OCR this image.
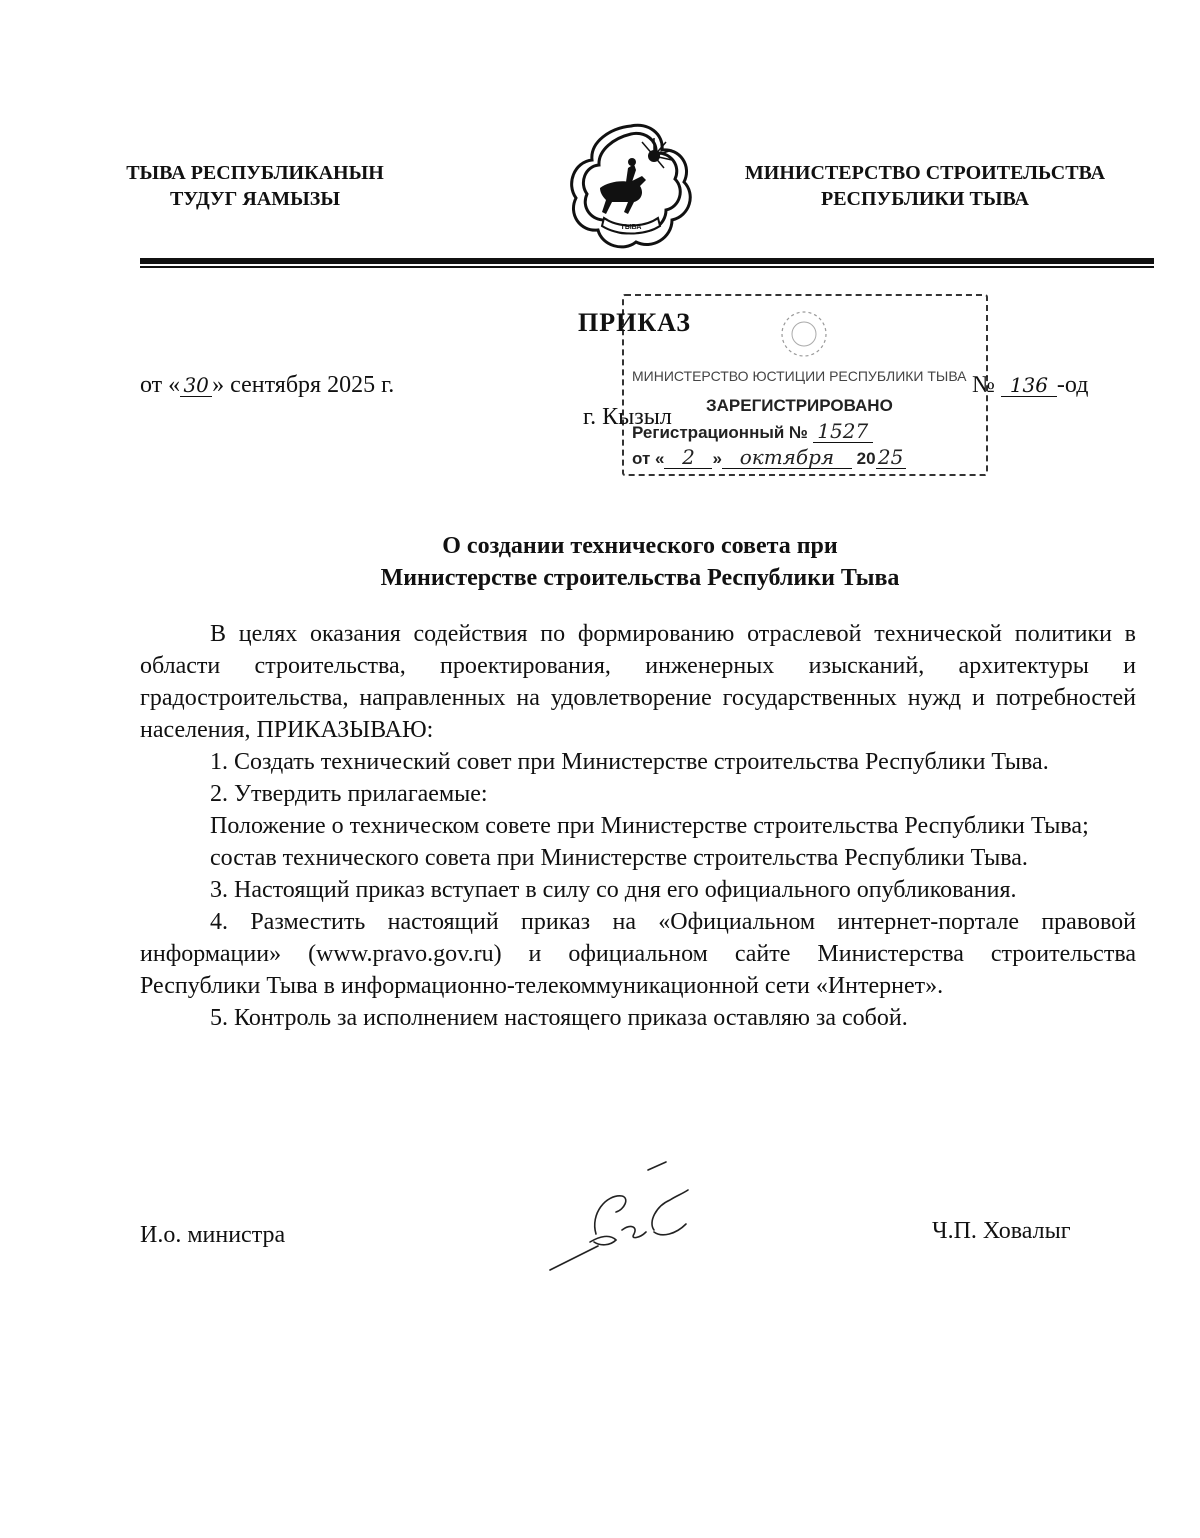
ТЫВА РЕСПУБЛИКАНЫН
ТУДУГ ЯАМЫЗЫ
ТЫВА
МИНИСТЕРСТВО СТРОИТЕЛЬСТВА
РЕСПУБЛИКИ ТЫВА
МИНИСТЕРСТВО ЮСТИЦИИ РЕСПУБЛИКИ ТЫВА
ЗАРЕГИСТРИРОВАНО
Регистрационный № 1527
от « 2 » октября 20 25
ПРИКАЗ
от « 30 » сентября 2025 г.	№ 136 -од
г. Кызыл
О создании технического совета при
Министерстве строительства Республики Тыва

В целях оказания содействия по формированию отраслевой технической политики в области строительства, проектирования, инженерных изысканий, архитектуры и градостроительства, направленных на удовлетворение государственных нужд и потребностей населения, ПРИКАЗЫВАЮ:

1. Создать технический совет при Министерстве строительства Республики Тыва.

2. Утвердить прилагаемые:

Положение о техническом совете при Министерстве строительства Республики Тыва;

состав технического совета при Министерстве строительства Республики Тыва.

3. Настоящий приказ вступает в силу со дня его официального опубликования.

4. Разместить настоящий приказ на «Официальном интернет-портале правовой информации» (www.pravo.gov.ru) и официальном сайте Министерства строительства Республики Тыва в информационно-телекоммуникационной сети «Интернет».

5. Контроль за исполнением настоящего приказа оставляю за собой.

И.о. министра	Ч.П. Ховалыг
